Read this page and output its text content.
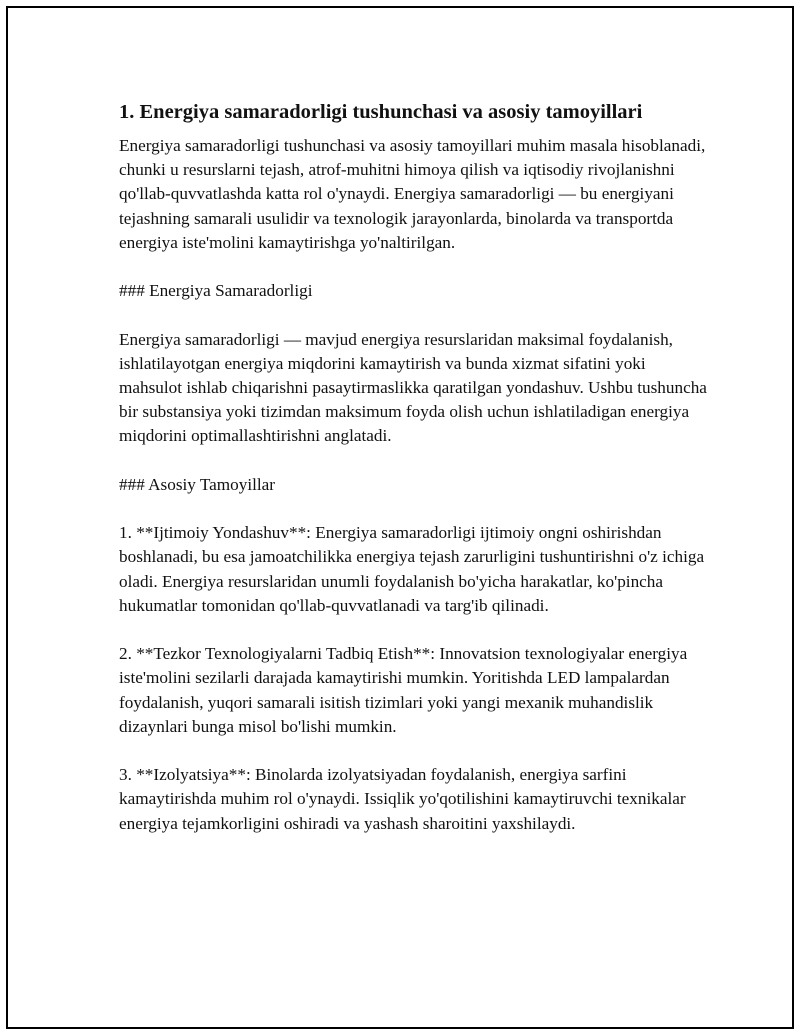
1. Energiya samaradorligi tushunchasi va asosiy tamoyillari

Energiya samaradorligi tushunchasi va asosiy tamoyillari muhim masala hisoblanadi, chunki u resurslarni tejash, atrof-muhitni himoya qilish va iqtisodiy rivojlanishni qo'llab-quvvatlashda katta rol o'ynaydi. Energiya samaradorligi — bu energiyani tejashning samarali usulidir va texnologik jarayonlarda, binolarda va transportda energiya iste'molini kamaytirishga yo'naltirilgan.

### Energiya Samaradorligi

Energiya samaradorligi — mavjud energiya resurslaridan maksimal foydalanish, ishlatilayotgan energiya miqdorini kamaytirish va bunda xizmat sifatini yoki mahsulot ishlab chiqarishni pasaytirmaslikka qaratilgan yondashuv. Ushbu tushuncha bir substansiya yoki tizimdan maksimum foyda olish uchun ishlatiladigan energiya miqdorini optimallashtirishni anglatadi.

### Asosiy Tamoyillar

1. **Ijtimoiy Yondashuv**: Energiya samaradorligi ijtimoiy ongni oshirishdan boshlanadi, bu esa jamoatchilikka energiya tejash zarurligini tushuntirishni o'z ichiga oladi. Energiya resurslaridan unumli foydalanish bo'yicha harakatlar, ko'pincha hukumatlar tomonidan qo'llab-quvvatlanadi va targ'ib qilinadi.

2. **Tezkor Texnologiyalarni Tadbiq Etish**: Innovatsion texnologiyalar energiya iste'molini sezilarli darajada kamaytirishi mumkin. Yoritishda LED lampalardan foydalanish, yuqori samarali isitish tizimlari yoki yangi mexanik muhandislik dizaynlari bunga misol bo'lishi mumkin.

3. **Izolyatsiya**: Binolarda izolyatsiyadan foydalanish, energiya sarfini kamaytirishda muhim rol o'ynaydi. Issiqlik yo'qotilishini kamaytiruvchi texnikalar energiya tejamkorligini oshiradi va yashash sharoitini yaxshilaydi.
